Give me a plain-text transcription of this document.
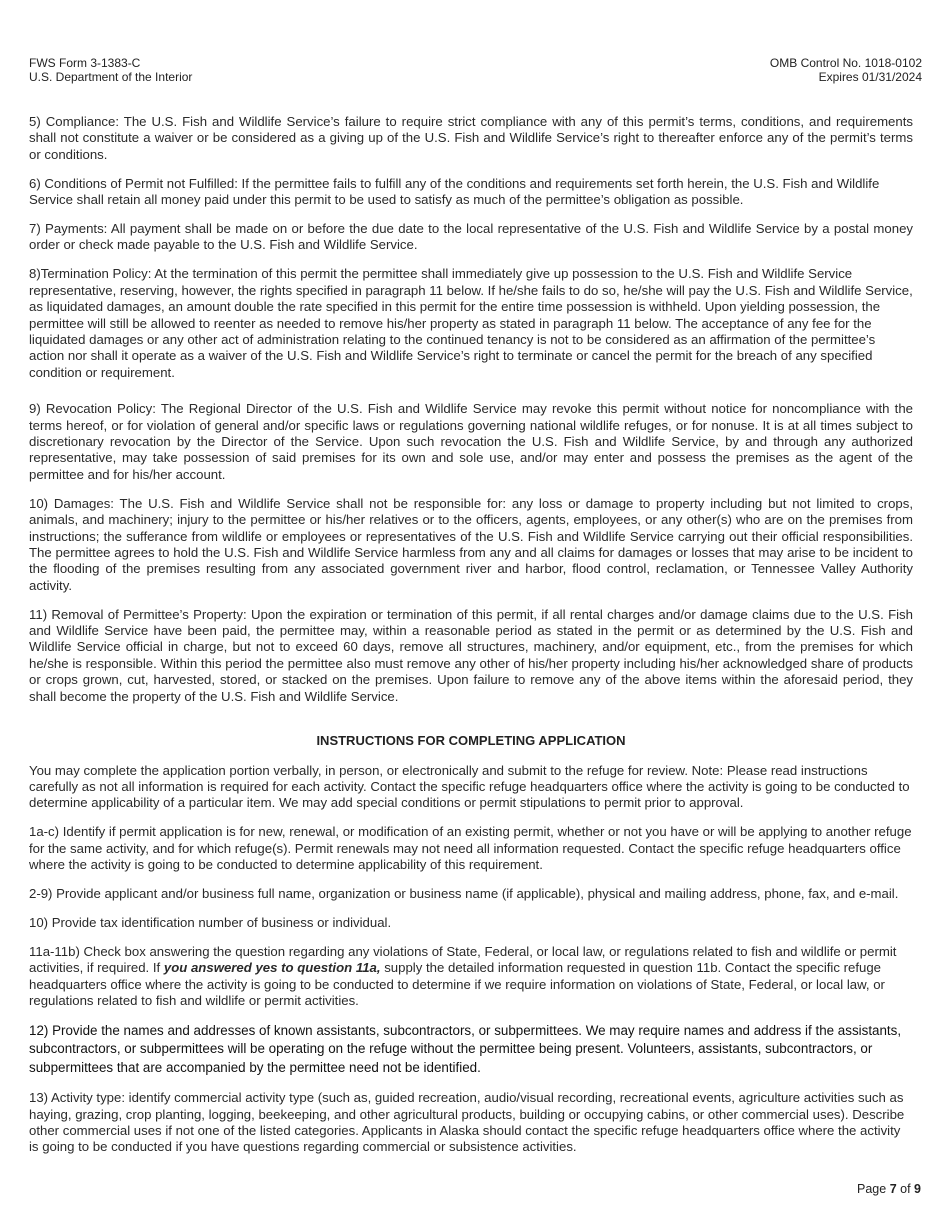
FWS Form 3-1383-C
U.S. Department of the Interior
OMB Control No. 1018-0102
Expires 01/31/2024

5) Compliance: The U.S. Fish and Wildlife Service’s failure to require strict compliance with any of this permit’s terms, conditions, and requirements shall not constitute a waiver or be considered as a giving up of the U.S. Fish and Wildlife Service’s right to thereafter enforce any of the permit’s terms or conditions.

6) Conditions of Permit not Fulfilled: If the permittee fails to fulfill any of the conditions and requirements set forth herein, the U.S. Fish and Wildlife Service shall retain all money paid under this permit to be used to satisfy as much of the permittee’s obligation as possible.

7) Payments: All payment shall be made on or before the due date to the local representative of the U.S. Fish and Wildlife Service by a postal money order or check made payable to the U.S. Fish and Wildlife Service.

8)Termination Policy: At the termination of this permit the permittee shall immediately give up possession to the U.S. Fish and Wildlife Service representative, reserving, however, the rights specified in paragraph 11 below. If he/she fails to do so, he/she will pay the U.S. Fish and Wildlife Service, as liquidated damages, an amount double the rate specified in this permit for the entire time possession is withheld. Upon yielding possession, the permittee will still be allowed to reenter as needed to remove his/her property as stated in paragraph 11 below. The acceptance of any fee for the liquidated damages or any other act of administration relating to the continued tenancy is not to be considered as an affirmation of the permittee’s action nor shall it operate as a waiver of the U.S. Fish and Wildlife Service’s right to terminate or cancel the permit for the breach of any specified condition or requirement.

9) Revocation Policy: The Regional Director of the U.S. Fish and Wildlife Service may revoke this permit without notice for noncompliance with the terms hereof, or for violation of general and/or specific laws or regulations governing national wildlife refuges, or for nonuse. It is at all times subject to discretionary revocation by the Director of the Service. Upon such revocation the U.S. Fish and Wildlife Service, by and through any authorized representative, may take possession of said premises for its own and sole use, and/or may enter and possess the premises as the agent of the permittee and for his/her account.

10) Damages: The U.S. Fish and Wildlife Service shall not be responsible for: any loss or damage to property including but not limited to crops, animals, and machinery; injury to the permittee or his/her relatives or to the officers, agents, employees, or any other(s) who are on the premises from instructions; the sufferance from wildlife or employees or representatives of the U.S. Fish and Wildlife Service carrying out their official responsibilities. The permittee agrees to hold the U.S. Fish and Wildlife Service harmless from any and all claims for damages or losses that may arise to be incident to the flooding of the premises resulting from any associated government river and harbor, flood control, reclamation, or Tennessee Valley Authority activity.

11) Removal of Permittee’s Property: Upon the expiration or termination of this permit, if all rental charges and/or damage claims due to the U.S. Fish and Wildlife Service have been paid, the permittee may, within a reasonable period as stated in the permit or as determined by the U.S. Fish and Wildlife Service official in charge, but not to exceed 60 days, remove all structures, machinery, and/or equipment, etc., from the premises for which he/she is responsible. Within this period the permittee also must remove any other of his/her property including his/her acknowledged share of products or crops grown, cut, harvested, stored, or stacked on the premises. Upon failure to remove any of the above items within the aforesaid period, they shall become the property of the U.S. Fish and Wildlife Service.

INSTRUCTIONS FOR COMPLETING APPLICATION

You may complete the application portion verbally, in person, or electronically and submit to the refuge for review. Note: Please read instructions carefully as not all information is required for each activity. Contact the specific refuge headquarters office where the activity is going to be conducted to determine applicability of a particular item. We may add special conditions or permit stipulations to permit prior to approval.

1a-c) Identify if permit application is for new, renewal, or modification of an existing permit, whether or not you have or will be applying to another refuge for the same activity, and for which refuge(s). Permit renewals may not need all information requested. Contact the specific refuge headquarters office where the activity is going to be conducted to determine applicability of this requirement.

2-9) Provide applicant and/or business full name, organization or business name (if applicable), physical and mailing address, phone, fax, and e-mail.

10) Provide tax identification number of business or individual.

11a-11b) Check box answering the question regarding any violations of State, Federal, or local law, or regulations related to fish and wildlife or permit activities, if required. If you answered yes to question 11a, supply the detailed information requested in question 11b. Contact the specific refuge headquarters office where the activity is going to be conducted to determine if we require information on violations of State, Federal, or local law, or regulations related to fish and wildlife or permit activities.

12) Provide the names and addresses of known assistants, subcontractors, or subpermittees. We may require names and address if the assistants, subcontractors, or subpermittees will be operating on the refuge without the permittee being present. Volunteers, assistants, subcontractors, or subpermittees that are accompanied by the permittee need not be identified.

13) Activity type: identify commercial activity type (such as, guided recreation, audio/visual recording, recreational events, agriculture activities such as haying, grazing, crop planting, logging, beekeeping, and other agricultural products, building or occupying cabins, or other commercial uses). Describe other commercial uses if not one of the listed categories. Applicants in Alaska should contact the specific refuge headquarters office where the activity is going to be conducted if you have questions regarding commercial or subsistence activities.

Page 7 of 9
